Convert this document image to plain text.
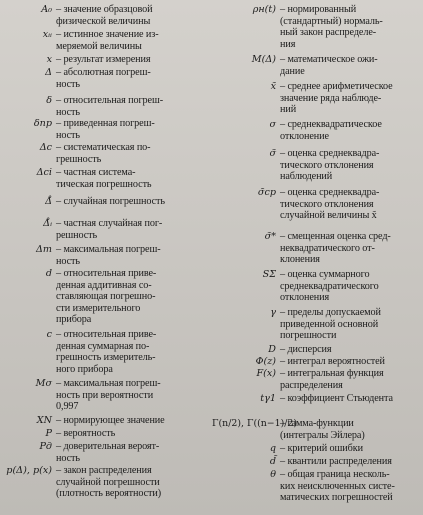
A₀ – значение образцовой
физической величины
xᵢᵢ – истинное значение из-
меряемой величины
x – результат измерения
Δ – абсолютная погреш-
ность
δ – относительная погреш-
ность
δпр – приведенная погреш-
ность
Δс – систематическая по-
грешность
Δсі – частная система-
тическая погрешность
Δ̊ – случайная погрешность
Δ̊ᵢ – частная случайная пог-
решность
Δm – максимальная погреш-
ность
d – относительная приве-
денная аддитивная со-
ставляющая погрешно-
сти измерительного
прибора
c – относительная приве-
денная суммарная по-
грешность измеритель-
ного прибора
Mσ – максимальная погреш-
ность при вероятности
0,997
XN – нормирующее значение
P – вероятность
Pд – доверительная вероят-
ность
p(Δ), p(x) – закон распределения
случайной погрешности
(плотность вероятности)
ρн(t) – нормированный
(стандартный) нормаль-
ный закон распределе-
ния
M(Δ) – математическое ожи-
дание
x̃ – среднее арифметическое
значение ряда наблюде-
ний
σ – среднеквадратическое
отклонение
σ̃ – оценка среднеквадра-
тического отклонения
наблюдений
σ̃ср – оценка среднеквадра-
тического отклонения
случайной величины x̃
σ̃* – смещенная оценка сред-
неквадратического от-
клонения
SΣ – оценка суммарного
среднеквадратического
отклонения
γ – пределы допускаемой
приведенной основной
погрешности
D – дисперсия
Φ(z) – интеграл вероятностей
F(x) – интегральная функция
распределения
tγ1 – коэффициент Стьюдента
Γ(n/2), Γ((n−1)/2)
– гамма-функции
(интегралы Эйлера)
q – критерий ошибки
d̃ – квантили распределения
θ – общая граница несколь-
ких неисключенных систе-
матических погрешностей
